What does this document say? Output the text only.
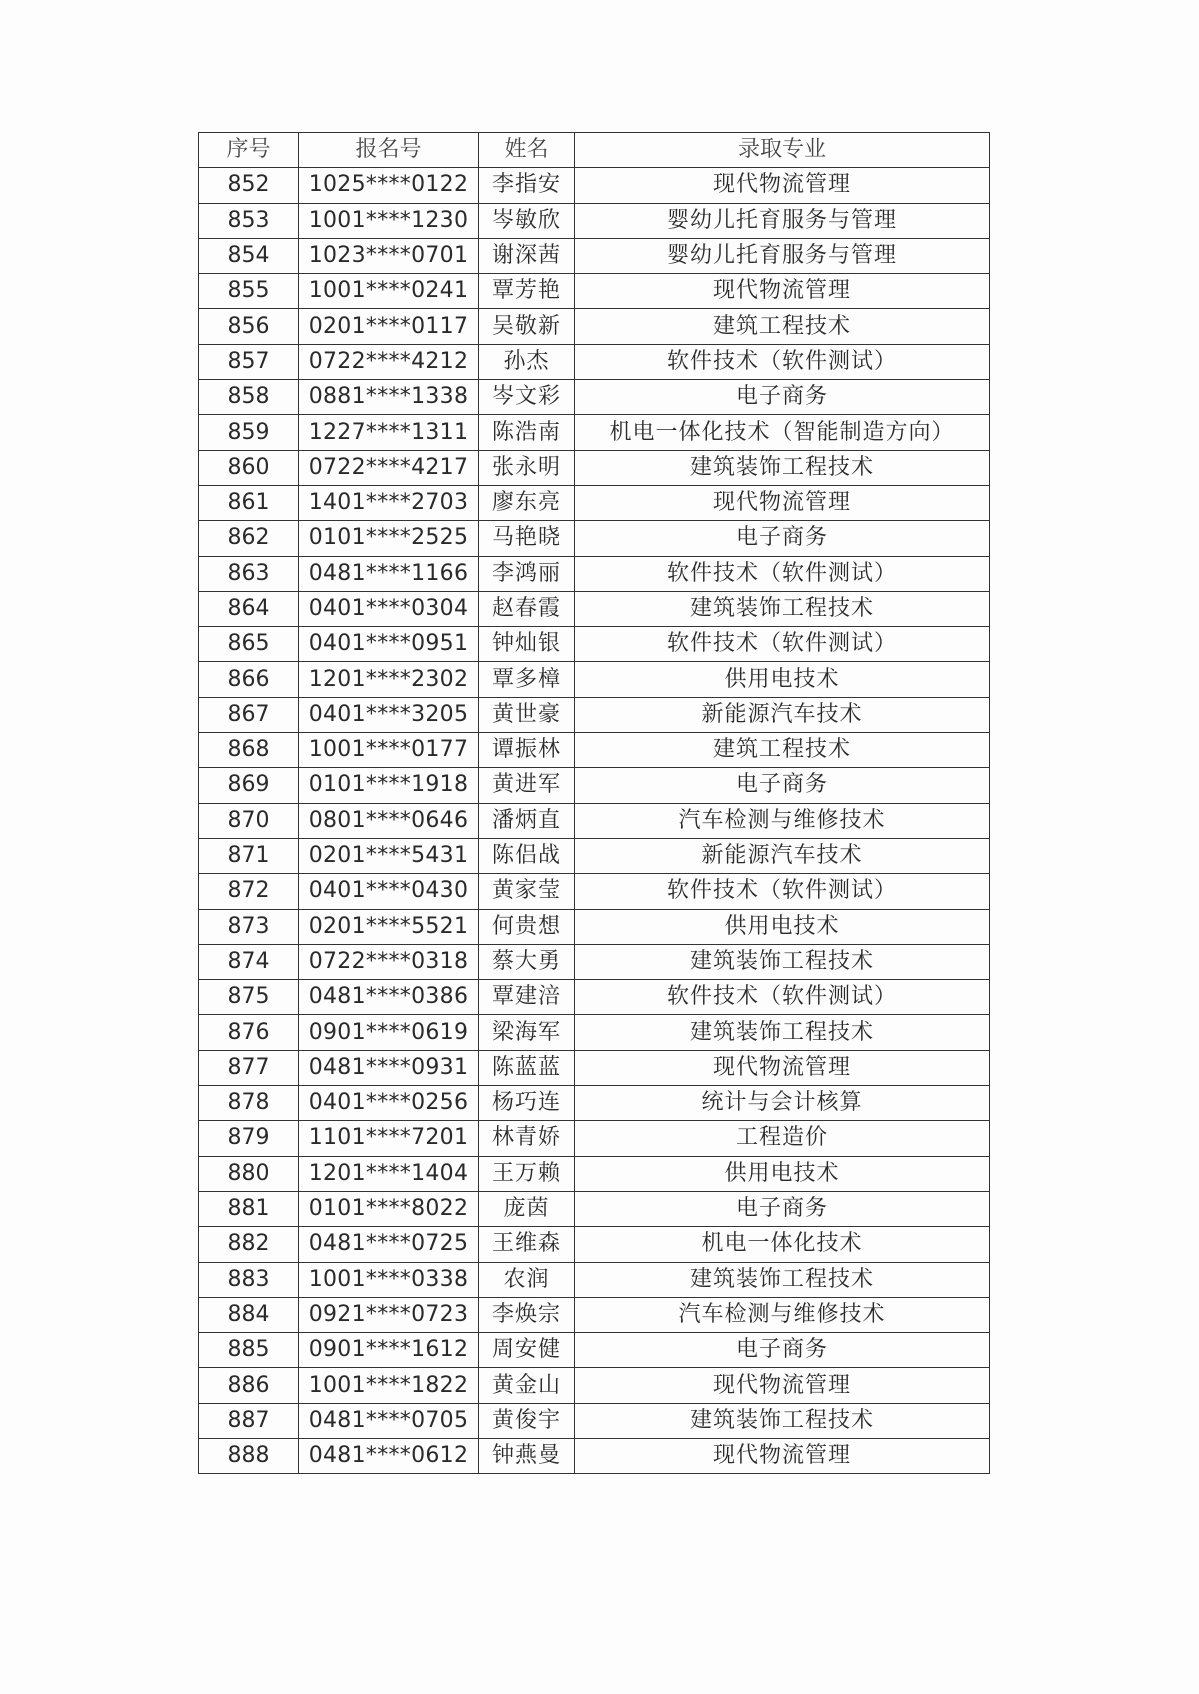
序号	报名号	姓名	录取专业
852	1025****0122	李指安	现代物流管理
853	1001****1230	岑敏欣	婴幼儿托育服务与管理
854	1023****0701	谢深茜	婴幼儿托育服务与管理
855	1001****0241	覃芳艳	现代物流管理
856	0201****0117	吴敬新	建筑工程技术
857	0722****4212	孙杰	软件技术（软件测试）
858	0881****1338	岑文彩	电子商务
859	1227****1311	陈浩南	机电一体化技术（智能制造方向）
860	0722****4217	张永明	建筑装饰工程技术
861	1401****2703	廖东亮	现代物流管理
862	0101****2525	马艳晓	电子商务
863	0481****1166	李鸿丽	软件技术（软件测试）
864	0401****0304	赵春霞	建筑装饰工程技术
865	0401****0951	钟灿银	软件技术（软件测试）
866	1201****2302	覃多樟	供用电技术
867	0401****3205	黄世豪	新能源汽车技术
868	1001****0177	谭振林	建筑工程技术
869	0101****1918	黄进军	电子商务
870	0801****0646	潘炳直	汽车检测与维修技术
871	0201****5431	陈侣战	新能源汽车技术
872	0401****0430	黄家莹	软件技术（软件测试）
873	0201****5521	何贵想	供用电技术
874	0722****0318	蔡大勇	建筑装饰工程技术
875	0481****0386	覃建涪	软件技术（软件测试）
876	0901****0619	梁海军	建筑装饰工程技术
877	0481****0931	陈蓝蓝	现代物流管理
878	0401****0256	杨巧连	统计与会计核算
879	1101****7201	林青娇	工程造价
880	1201****1404	王万赖	供用电技术
881	0101****8022	庞茵	电子商务
882	0481****0725	王维森	机电一体化技术
883	1001****0338	农润	建筑装饰工程技术
884	0921****0723	李焕宗	汽车检测与维修技术
885	0901****1612	周安健	电子商务
886	1001****1822	黄金山	现代物流管理
887	0481****0705	黄俊宇	建筑装饰工程技术
888	0481****0612	钟燕曼	现代物流管理
